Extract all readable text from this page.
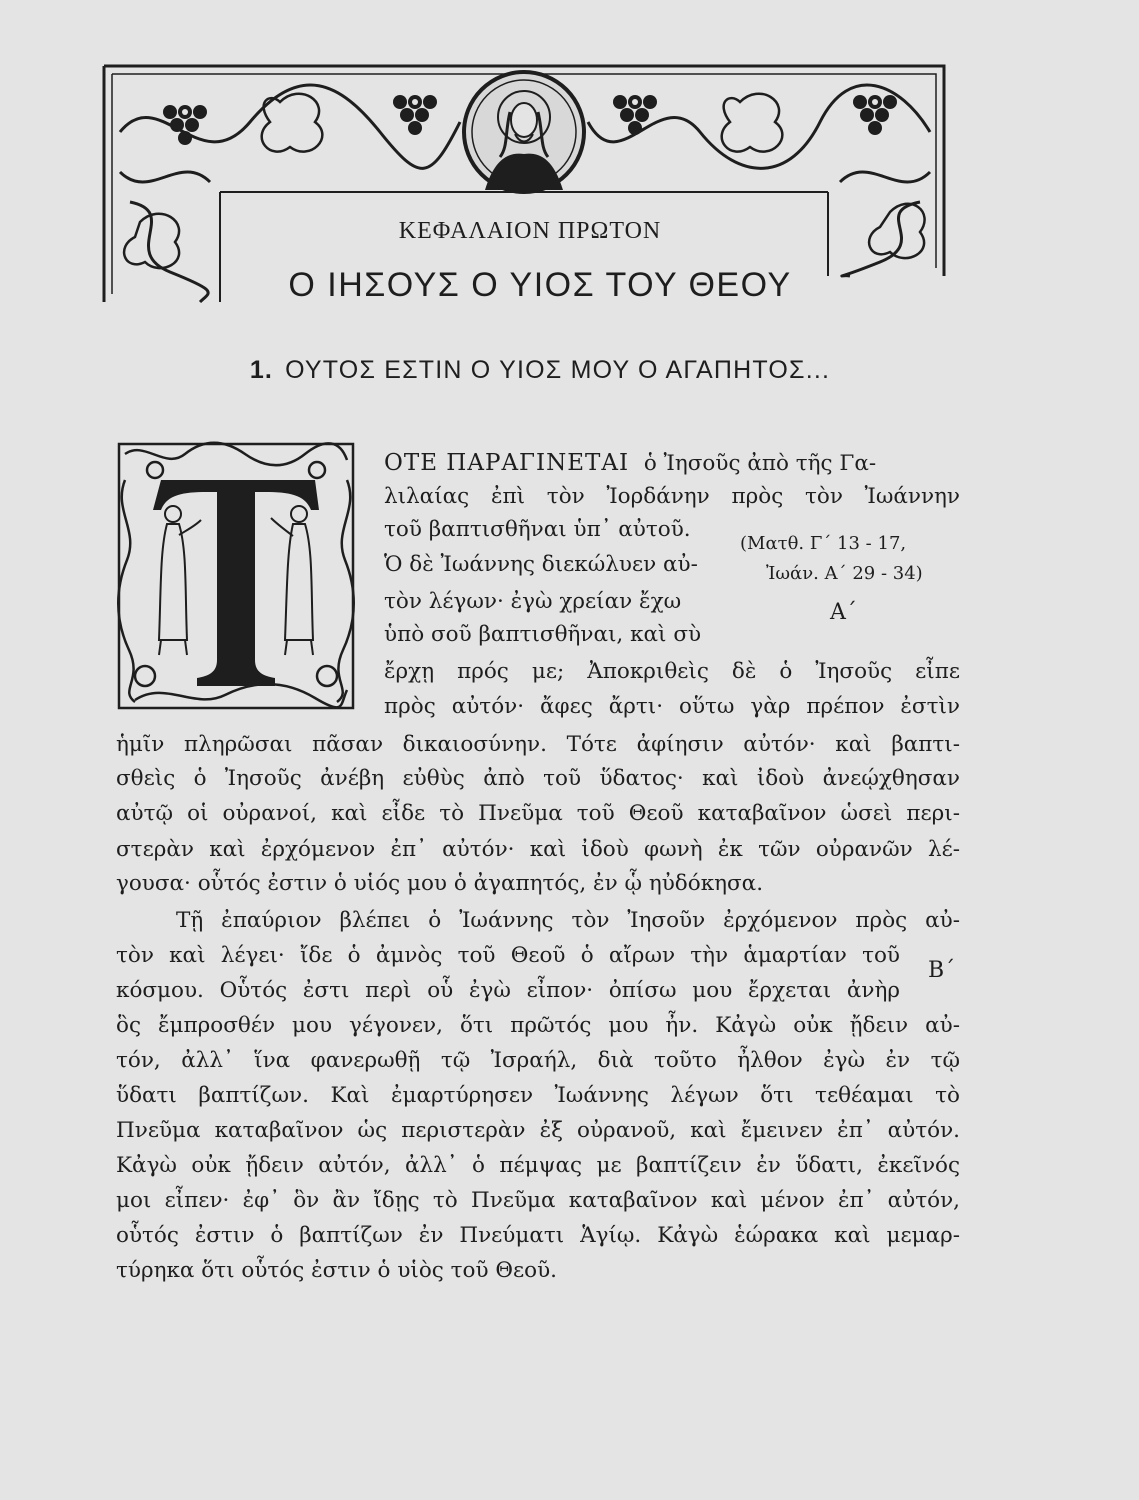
ΚΕΦΑΛΑΙΟΝ ΠΡΩΤΟΝ
Ο ΙΗΣΟΥΣ Ο ΥΙΟΣ ΤΟΥ ΘΕΟΥ
1. ΟΥΤΟΣ ΕΣΤΙΝ Ο ΥΙΟΣ ΜΟΥ Ο ΑΓΑΠΗΤΟΣ...
ΟΤΕ ΠΑΡΑΓΙΝΕΤΑΙ ὁ Ἰησοῦς ἀπὸ τῆς Γα-
λιλαίας ἐπὶ τὸν Ἰορδάνην πρὸς τὸν Ἰωάννην
τοῦ βαπτισθῆναι ὑπ᾽ αὐτοῦ.
Ὁ δὲ Ἰωάννης διεκώλυεν αὐ-
τὸν λέγων· ἐγὼ χρείαν ἔχω
ὑπὸ σοῦ βαπτισθῆναι, καὶ σὺ
ἔρχῃ πρός με; Ἀποκριθεὶς δὲ ὁ Ἰησοῦς εἶπε
πρὸς αὐτόν· ἄφες ἄρτι· οὕτω γὰρ πρέπον ἐστὶν
ἡμῖν πληρῶσαι πᾶσαν δικαιοσύνην. Τότε ἀφίησιν αὐτόν· καὶ βαπτι-
σθεὶς ὁ Ἰησοῦς ἀνέβη εὐθὺς ἀπὸ τοῦ ὕδατος· καὶ ἰδοὺ ἀνεῴχθησαν
αὐτῷ οἱ οὐρανοί, καὶ εἶδε τὸ Πνεῦμα τοῦ Θεοῦ καταβαῖνον ὡσεὶ περι-
στερὰν καὶ ἐρχόμενον ἐπ᾽ αὐτόν· καὶ ἰδοὺ φωνὴ ἐκ τῶν οὐρανῶν λέ-
γουσα· οὗτός ἐστιν ὁ υἱός μου ὁ ἀγαπητός, ἐν ᾧ ηὐδόκησα.
(Ματθ. Γ΄ 13 - 17,
Ἰωάν. Α΄ 29 - 34)
Α΄
Β΄
Τῇ ἐπαύριον βλέπει ὁ Ἰωάννης τὸν Ἰησοῦν ἐρχόμενον πρὸς αὐ-
τὸν καὶ λέγει· ἴδε ὁ ἀμνὸς τοῦ Θεοῦ ὁ αἴρων τὴν ἁμαρτίαν τοῦ
κόσμου. Οὗτός ἐστι περὶ οὗ ἐγὼ εἶπον· ὀπίσω μου ἔρχεται ἀνὴρ
ὃς ἔμπροσθέν μου γέγονεν, ὅτι πρῶτός μου ἦν. Κἀγὼ οὐκ ᾔδειν αὐ-
τόν, ἀλλ᾽ ἵνα φανερωθῇ τῷ Ἰσραήλ, διὰ τοῦτο ἦλθον ἐγὼ ἐν τῷ
ὕδατι βαπτίζων. Καὶ ἐμαρτύρησεν Ἰωάννης λέγων ὅτι τεθέαμαι τὸ
Πνεῦμα καταβαῖνον ὡς περιστερὰν ἐξ οὐρανοῦ, καὶ ἔμεινεν ἐπ᾽ αὐτόν.
Κἀγὼ οὐκ ᾔδειν αὐτόν, ἀλλ᾽ ὁ πέμψας με βαπτίζειν ἐν ὕδατι, ἐκεῖνός
μοι εἶπεν· ἐφ᾽ ὃν ἂν ἴδῃς τὸ Πνεῦμα καταβαῖνον καὶ μένον ἐπ᾽ αὐτόν,
οὗτός ἐστιν ὁ βαπτίζων ἐν Πνεύματι Ἁγίῳ. Κἀγὼ ἑώρακα καὶ μεμαρ-
τύρηκα ὅτι οὗτός ἐστιν ὁ υἱὸς τοῦ Θεοῦ.
